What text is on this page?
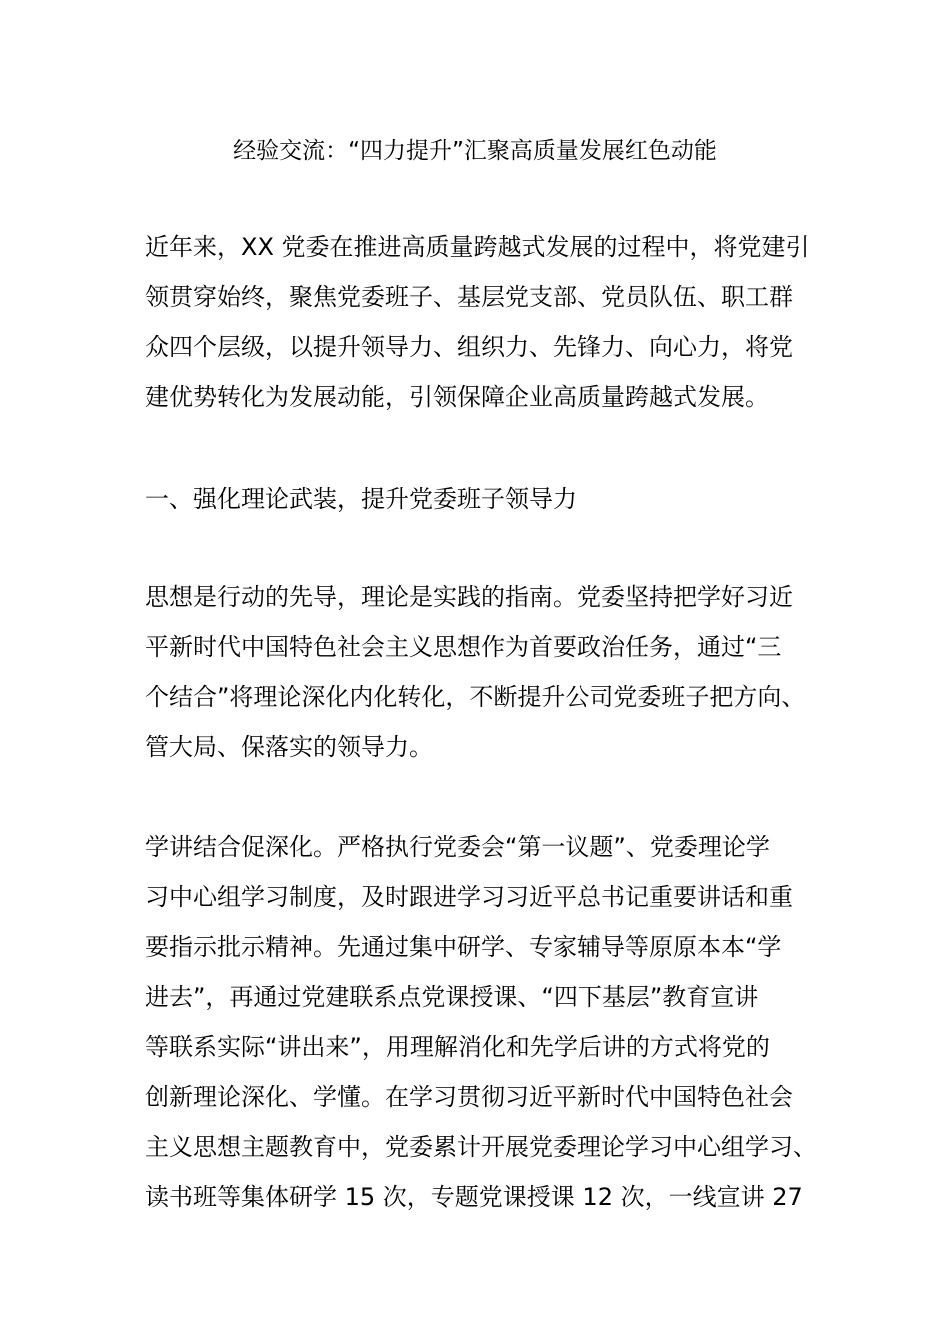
经验交流：“四力提升”汇聚高质量发展红色动能
近年来，XX 党委在推进高质量跨越式发展的过程中，将党建引
领贯穿始终，聚焦党委班子、基层党支部、党员队伍、职工群
众四个层级，以提升领导力、组织力、先锋力、向心力，将党
建优势转化为发展动能，引领保障企业高质量跨越式发展。
一、强化理论武装，提升党委班子领导力
思想是行动的先导，理论是实践的指南。党委坚持把学好习近
平新时代中国特色社会主义思想作为首要政治任务，通过“三
个结合”将理论深化内化转化，不断提升公司党委班子把方向、
管大局、保落实的领导力。
学讲结合促深化。严格执行党委会“第一议题”、党委理论学
习中心组学习制度，及时跟进学习习近平总书记重要讲话和重
要指示批示精神。先通过集中研学、专家辅导等原原本本“学
进去”，再通过党建联系点党课授课、“四下基层”教育宣讲
等联系实际“讲出来”，用理解消化和先学后讲的方式将党的
创新理论深化、学懂。在学习贯彻习近平新时代中国特色社会
主义思想主题教育中，党委累计开展党委理论学习中心组学习、
读书班等集体研学 15 次，专题党课授课 12 次，一线宣讲 27
